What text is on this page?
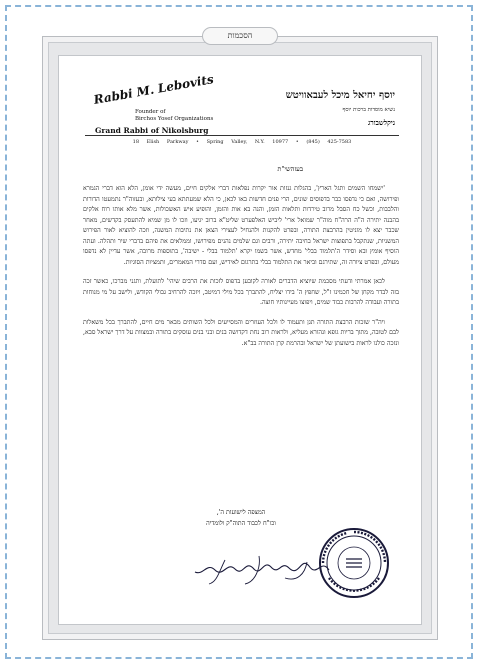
הסכמות
Rabbi M. Lebovits
Founder of
Birchos Yosef Organizations
Grand Rabbi of Nikolsburg
יוסף יחיאל מיכל לעבאוויטש
נשיא מוסדות ברכות יוסף
ניקלשבורג
18 Elish Parkway • Spring Valley, N.Y. 10977 • (845) 425-7583
בעזהשי"ת

'ישמחו השמים ותגל הארץ', בהגלות גנזות אור יקרות נפלאות דברי אלקים חיים, מעשה ידי אומן, הלא הוא דברי הגמרא ופירושה, ואם כי נדפסו כבר בדפוסים שונים, הרי פנים חדשות באו לכאן, כי הלא שמעתתא בעי צילותא, ובעזוה"ר נתמעטו הדורות והלבבות, וכשל כח הסבל מרוב טירדות ותלאות הזמן, והנה בא אות והזמן, והופיע איש האשכולות, אשר מלא אותו רוח אלקים בהבנה יתירה ה"ה הרה"ח מוה"ר שמואל ארי' ליביש האלפערט שליט"א ברוב יגיעו, וזכו לו מן שמיא להתעסק בקדשים, מאחר שכבר יצא לו מוניטין בהרבצת התורה, ובפרט להקנות ולהנחיל לעצירי הצאן את נתיבות המשנה, וזכה להוציא לאור הפירוש המשניות, שנתקבל בתפוצות ישראל בחיבה יתירה, ורבים וגם שלמים נהנים מפירושו, וממלאים את פיהם בדברי שיר ותהלה. ועתה הוסיף אומץ ובא וסידר ה'תלמוד בבלי' מחדש, אשר בשמו יקרא 'תלמוד בבלי - ישיבה', בתוספות מרובה, אשר עדיין לא נדפסו מעולם, ובפרט ציורה זה, שתירגם וביאר את התלמוד בבלי בתרגום לאידיש, ועם סדרי המאמרים, ותמציות הסוגיות.

לכאן אמרתי ודעתי מסכמת שיוציא הדברים לאורה לקובען בדפוס לזכות את הרבים שיהי' לתועלת, ותגני מברכו, כאשר זכה בזה לבדר מקחן של חכמינו ז"ל, שחפץ ה' בידו יצליח, להתברך בכל מילי דמיטב, ויזכה להרחיב גבולי הקודש, ולישב על מי מנוחות בתורה ועבודה להרבות כבוד שמים, ויפוצו מעיינותיו חוצה.

ויה"ר שזכות הרבצת התורה תגן ותעמוד לו ולכל העוזרים והמסייעים ולכל השותים מבאר מים חיים, להתברך בכל משאלות לבם לטובה, מתוך בריות גופא ונהורא מעליא, ולראות רוב נחת דקדושה בנים ובני בנים עוסקים בתורה ובמצוות על דרך ישראל סבא, ונזכה כולנו לראות בישועתן של ישראל ובהרמת קרן התורה בב"א.

המצפה לישועות ה',
וכו"ח לכבוד התוה"ק ולומדיה
